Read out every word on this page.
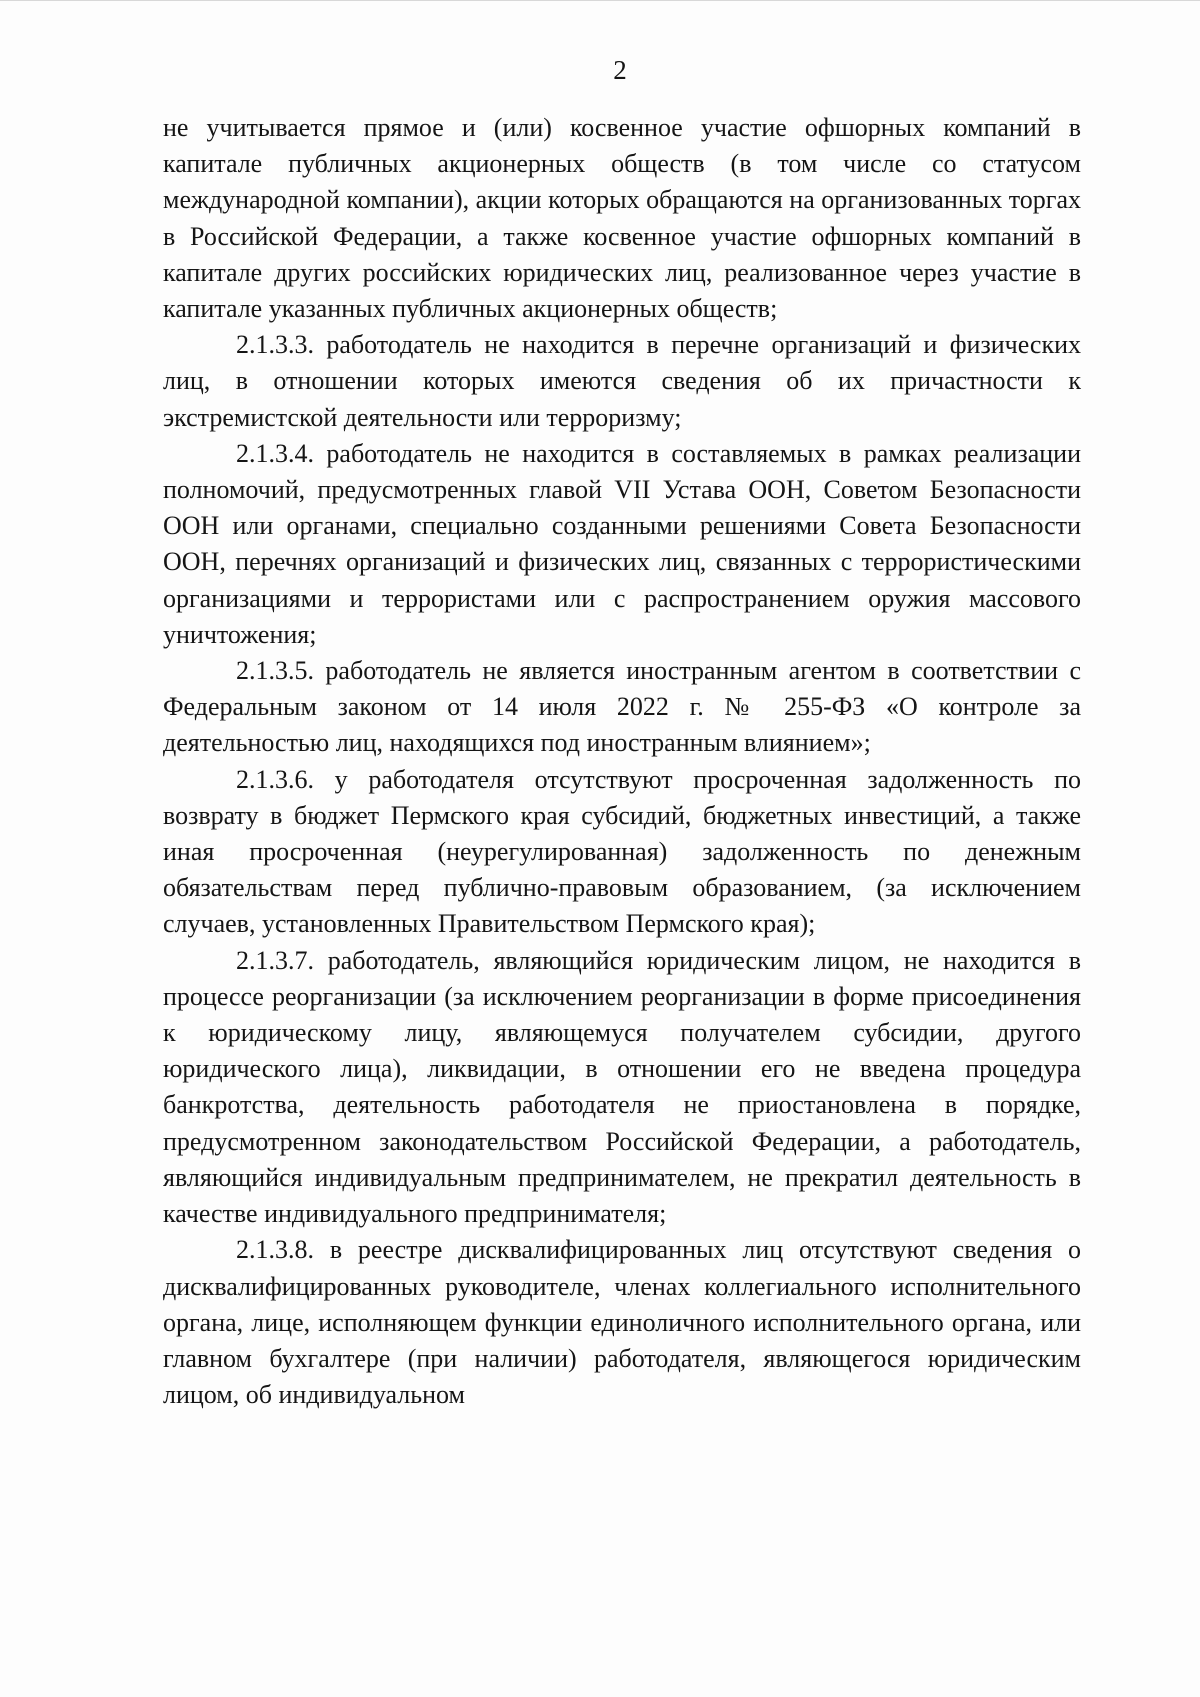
2

не учитывается прямое и (или) косвенное участие офшорных компаний в капитале публичных акционерных обществ (в том числе со статусом международной компании), акции которых обращаются на организованных торгах в Российской Федерации, а также косвенное участие офшорных компаний в капитале других российских юридических лиц, реализованное через участие в капитале указанных публичных акционерных обществ;

2.1.3.3. работодатель не находится в перечне организаций и физических лиц, в отношении которых имеются сведения об их причастности к экстремистской деятельности или терроризму;

2.1.3.4. работодатель не находится в составляемых в рамках реализации полномочий, предусмотренных главой VII Устава ООН, Советом Безопасности ООН или органами, специально созданными решениями Совета Безопасности ООН, перечнях организаций и физических лиц, связанных с террористическими организациями и террористами или с распространением оружия массового уничтожения;

2.1.3.5. работодатель не является иностранным агентом в соответствии с Федеральным законом от 14 июля 2022 г. № 255-ФЗ «О контроле за деятельностью лиц, находящихся под иностранным влиянием»;

2.1.3.6. у работодателя отсутствуют просроченная задолженность по возврату в бюджет Пермского края субсидий, бюджетных инвестиций, а также иная просроченная (неурегулированная) задолженность по денежным обязательствам перед публично-правовым образованием, (за исключением случаев, установленных Правительством Пермского края);

2.1.3.7. работодатель, являющийся юридическим лицом, не находится в процессе реорганизации (за исключением реорганизации в форме присоединения к юридическому лицу, являющемуся получателем субсидии, другого юридического лица), ликвидации, в отношении его не введена процедура банкротства, деятельность работодателя не приостановлена в порядке, предусмотренном законодательством Российской Федерации, а работодатель, являющийся индивидуальным предпринимателем, не прекратил деятельность в качестве индивидуального предпринимателя;

2.1.3.8. в реестре дисквалифицированных лиц отсутствуют сведения о дисквалифицированных руководителе, членах коллегиального исполнительного органа, лице, исполняющем функции единоличного исполнительного органа, или главном бухгалтере (при наличии) работодателя, являющегося юридическим лицом, об индивидуальном
